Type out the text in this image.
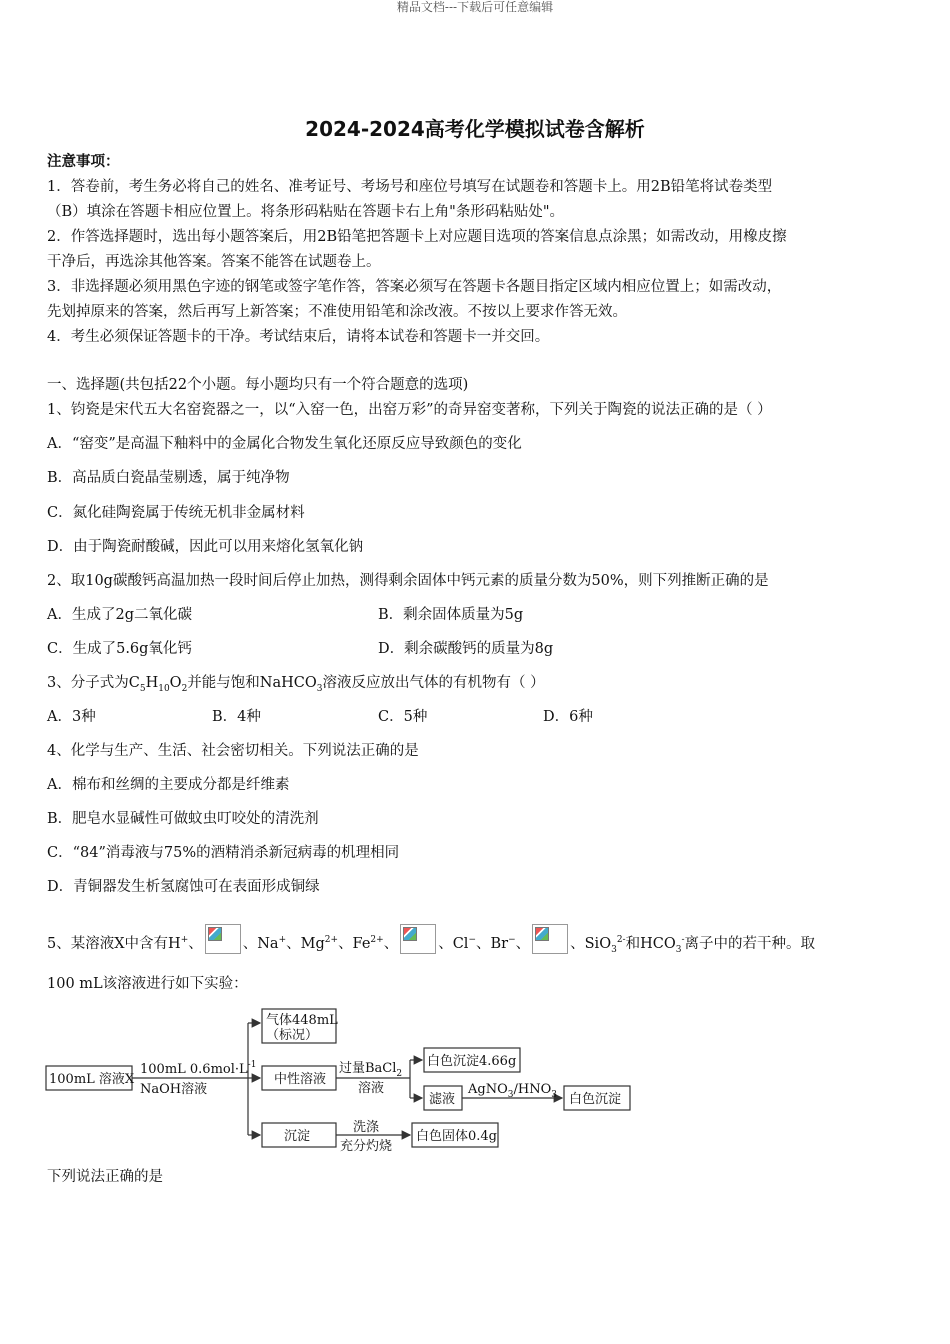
精品文档---下载后可任意编辑
2024-2024高考化学模拟试卷含解析
注意事项：
1．答卷前，考生务必将自己的姓名、准考证号、考场号和座位号填写在试题卷和答题卡上。用2B铅笔将试卷类型
（B）填涂在答题卡相应位置上。将条形码粘贴在答题卡右上角"条形码粘贴处"。
2．作答选择题时，选出每小题答案后，用2B铅笔把答题卡上对应题目选项的答案信息点涂黑；如需改动，用橡皮擦
干净后，再选涂其他答案。答案不能答在试题卷上。
3．非选择题必须用黑色字迹的钢笔或签字笔作答，答案必须写在答题卡各题目指定区域内相应位置上；如需改动，
先划掉原来的答案，然后再写上新答案；不准使用铅笔和涂改液。不按以上要求作答无效。
4．考生必须保证答题卡的干净。考试结束后，请将本试卷和答题卡一并交回。
一、选择题(共包括22个小题。每小题均只有一个符合题意的选项)
1、钧瓷是宋代五大名窑瓷器之一，以“入窑一色，出窑万彩”的奇异窑变著称，下列关于陶瓷的说法正确的是（ ）
A．“窑变”是高温下釉料中的金属化合物发生氧化还原反应导致颜色的变化
B．高品质白瓷晶莹剔透，属于纯净物
C．氮化硅陶瓷属于传统无机非金属材料
D．由于陶瓷耐酸碱，因此可以用来熔化氢氧化钠
2、取10g碳酸钙高温加热一段时间后停止加热，测得剩余固体中钙元素的质量分数为50%，则下列推断正确的是
A．生成了2g二氧化碳	B．剩余固体质量为5g
C．生成了5.6g氧化钙	D．剩余碳酸钙的质量为8g
3、分子式为$C_5H_{10}O_2$并能与饱和NaHCO$_3$溶液反应放出气体的有机物有（ ）
A．3种	B．4种	C．5种	D．6种
4、化学与生产、生活、社会密切相关。下列说法正确的是
A．棉布和丝绸的主要成分都是纤维素
B．肥皂水显碱性可做蚊虫叮咬处的清洗剂
C．“84”消毒液与75%的酒精消杀新冠病毒的机理相同
D．青铜器发生析氢腐蚀可在表面形成铜绿
5、某溶液X中含有H+、	、Na+、$Mg^{2+}$、$Fe^{2+}$、	、Cl−、Br−、	、SiO$_3^{2-}$和$HCO_3^-$离子中的若干种。取
100 mL该溶液进行如下实验：
100mL 溶液X
100mL $0.6mol\cdot L^{-1}$
NaOH溶液
气体448mL
（标况）
中性溶液
过量BaCl$_2$
溶液
白色沉淀4.66g
滤液
$AgNO_3/HNO_3$ 白色沉淀
沉淀
洗涤
充分灼烧
白色固体0.4g
下列说法正确的是
